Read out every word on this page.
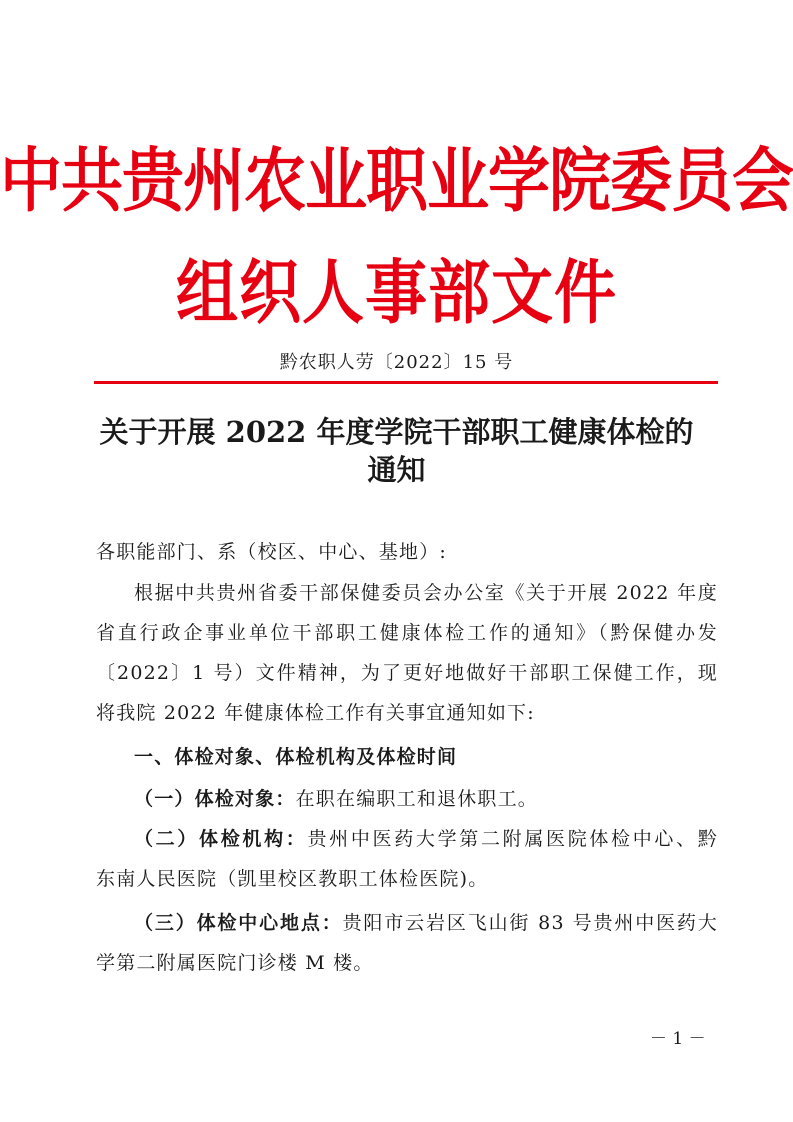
中共贵州农业职业学院委员会
组织人事部文件
黔农职人劳〔2022〕15 号
关于开展 2022 年度学院干部职工健康体检的
通知
各职能部门、系（校区、中心、基地）:
根据中共贵州省委干部保健委员会办公室《关于开展 2022 年度
省直行政企事业单位干部职工健康体检工作的通知》（黔保健办发
〔2022〕1 号）文件精神，为了更好地做好干部职工保健工作，现
将我院 2022 年健康体检工作有关事宜通知如下:
一、体检对象、体检机构及体检时间
（一）体检对象：在职在编职工和退休职工。
（二）体检机构：贵州中医药大学第二附属医院体检中心、黔
东南人民医院（凯里校区教职工体检医院)。
（三）体检中心地点：贵阳市云岩区飞山街 83 号贵州中医药大
学第二附属医院门诊楼 M 楼。
－ 1 －
